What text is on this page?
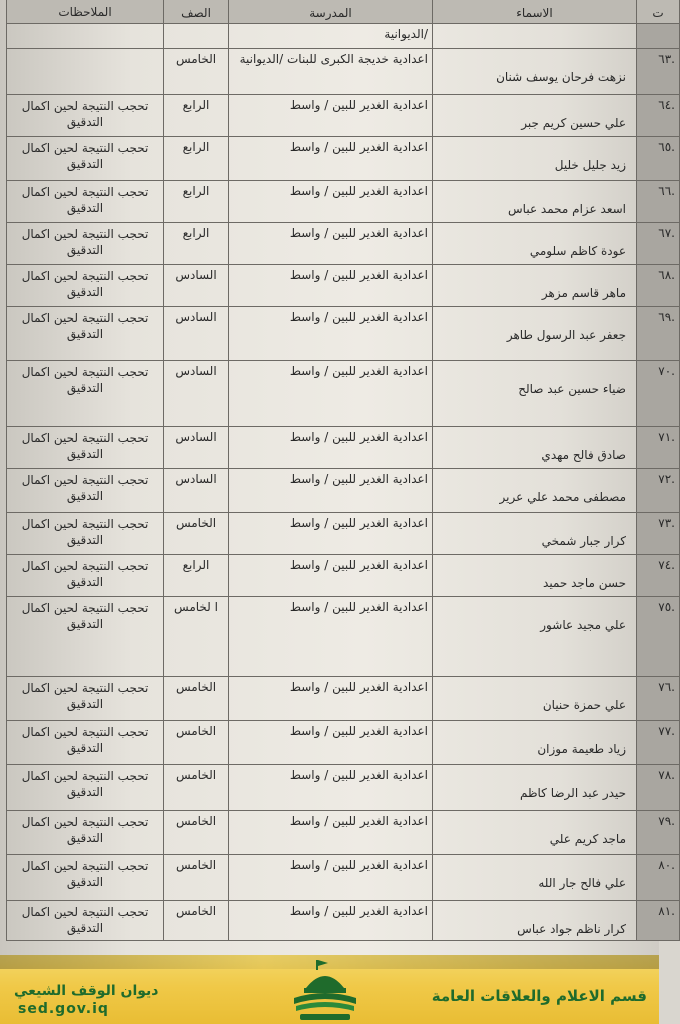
ت	الاسماء	المدرسة	الصف	الملاحظات
		/الديوانية		
.٦٣	نزهت فرحان يوسف شنان	اعدادية خديجة الكبرى للبنات /الديوانية	الخامس	
.٦٤	علي حسين كريم جبر	اعدادية الغدير للبين / واسط	الرابع	تحجب النتيجة لحين اكمال التدقيق
.٦٥	زيد جليل خليل	اعدادية الغدير للبين / واسط	الرابع	تحجب النتيجة لحين اكمال التدقيق
.٦٦	اسعد عزام محمد عباس	اعدادية الغدير للبين / واسط	الرابع	تحجب النتيجة لحين اكمال التدقيق
.٦٧	عودة كاظم سلومي	اعدادية الغدير للبين / واسط	الرابع	تحجب النتيجة لحين اكمال التدقيق
.٦٨	ماهر قاسم مزهر	اعدادية الغدير للبين / واسط	السادس	تحجب النتيجة لحين اكمال التدقيق
.٦٩	جعفر عبد الرسول طاهر	اعدادية الغدير للبين / واسط	السادس	تحجب النتيجة لحين اكمال التدقيق
.٧٠	ضياء حسين عبد صالح	اعدادية الغدير للبين / واسط	السادس	تحجب النتيجة لحين اكمال التدقيق
.٧١	صادق فالح مهدي	اعدادية الغدير للبين / واسط	السادس	تحجب النتيجة لحين اكمال التدقيق
.٧٢	مصطفى محمد علي عرير	اعدادية الغدير للبين / واسط	السادس	تحجب النتيجة لحين اكمال التدقيق
.٧٣	كرار جبار شمخي	اعدادية الغدير للبين / واسط	الخامس	تحجب النتيجة لحين اكمال التدقيق
.٧٤	حسن ماجد حميد	اعدادية الغدير للبين / واسط	الرابع	تحجب النتيجة لحين اكمال التدقيق
.٧٥	علي مجيد عاشور	اعدادية الغدير للبين / واسط	ا لخامس	تحجب النتيجة لحين اكمال التدقيق
.٧٦	علي حمزة حنيان	اعدادية الغدير للبين / واسط	الخامس	تحجب النتيجة لحين اكمال التدقيق
.٧٧	زياد طعيمة موزان	اعدادية الغدير للبين / واسط	الخامس	تحجب النتيجة لحين اكمال التدقيق
.٧٨	حيدر عبد الرضا كاظم	اعدادية الغدير للبين / واسط	الخامس	تحجب النتيجة لحين اكمال التدقيق
.٧٩	ماجد كريم علي	اعدادية الغدير للبين / واسط	الخامس	تحجب النتيجة لحين اكمال التدقيق
.٨٠	علي فالح جار الله	اعدادية الغدير للبين / واسط	الخامس	تحجب النتيجة لحين اكمال التدقيق
.٨١	كرار ناظم جواد عباس	اعدادية الغدير للبين / واسط	الخامس	تحجب النتيجة لحين اكمال التدقيق
قسم الاعلام والعلاقات العامة
ديوان الوقف الشيعي
sed.gov.iq
